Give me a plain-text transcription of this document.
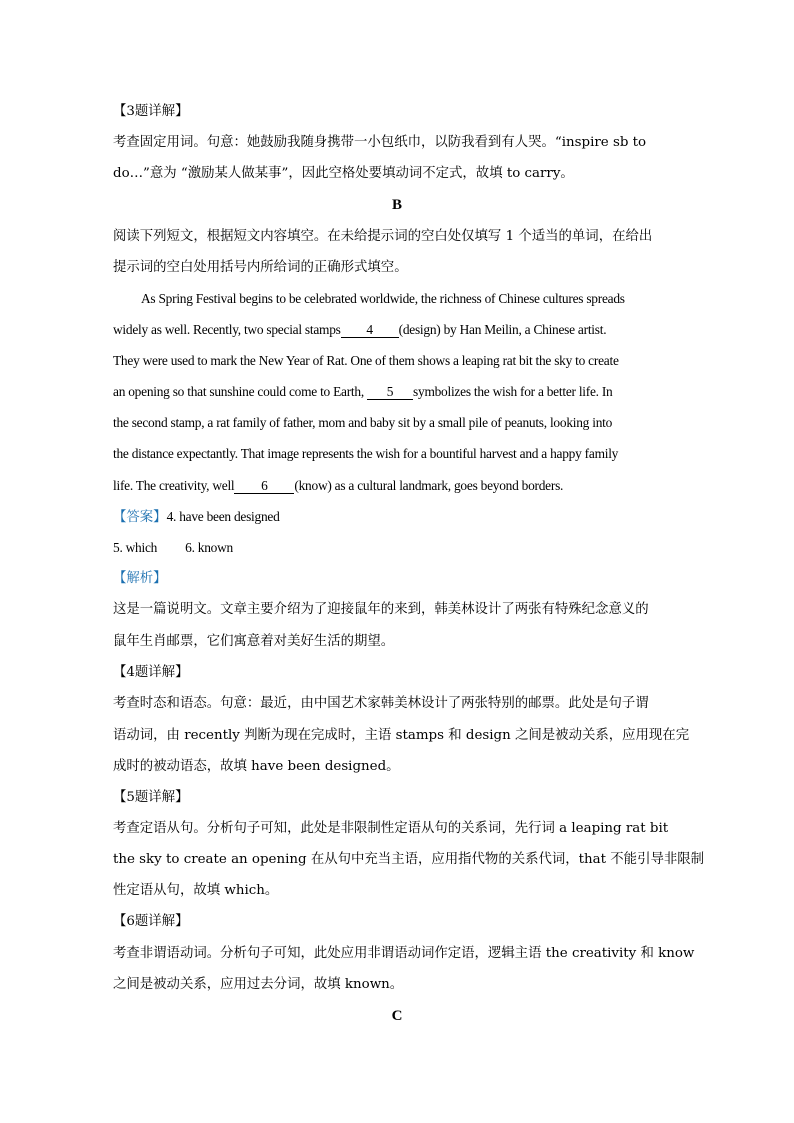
【3题详解】
考查固定用词。句意：她鼓励我随身携带一小包纸巾，以防我看到有人哭。“inspire sb to
do…”意为 “激励某人做某事”，因此空格处要填动词不定式，故填 to carry。
B
阅读下列短文，根据短文内容填空。在未给提示词的空白处仅填写 1 个适当的单词，在给出
提示词的空白处用括号内所给词的正确形式填空。
As Spring Festival begins to be celebrated worldwide, the richness of Chinese cultures spreads
widely as well. Recently, two special stamps 4 (design) by Han Meilin, a Chinese artist.
They were used to mark the New Year of Rat. One of them shows a leaping rat bit the sky to create
an opening so that sunshine could come to Earth, 5 symbolizes the wish for a better life. In
the second stamp, a rat family of father, mom and baby sit by a small pile of peanuts, looking into
the distance expectantly. That image represents the wish for a bountiful harvest and a happy family
life. The creativity, well 6 (know) as a cultural landmark, goes beyond borders.
【答案】4. have been designed
5. which 6. known
【解析】
这是一篇说明文。文章主要介绍为了迎接鼠年的来到，韩美林设计了两张有特殊纪念意义的
鼠年生肖邮票，它们寓意着对美好生活的期望。
【4题详解】
考查时态和语态。句意：最近，由中国艺术家韩美林设计了两张特别的邮票。此处是句子谓
语动词，由 recently 判断为现在完成时，主语 stamps 和 design 之间是被动关系，应用现在完
成时的被动语态，故填 have been designed。
【5题详解】
考查定语从句。分析句子可知，此处是非限制性定语从句的关系词，先行词 a leaping rat bit
the sky to create an opening 在从句中充当主语，应用指代物的关系代词，that 不能引导非限制
性定语从句，故填 which。
【6题详解】
考查非谓语动词。分析句子可知，此处应用非谓语动词作定语，逻辑主语 the creativity 和 know
之间是被动关系，应用过去分词，故填 known。
C
